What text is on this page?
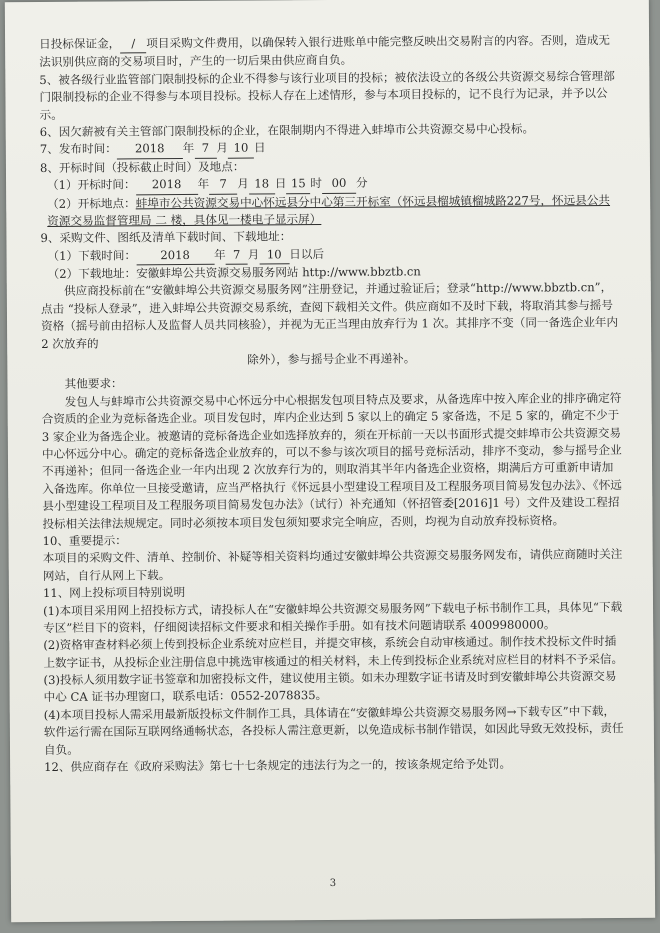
日投标保证金， / 项目采购文件费用，以确保转入银行进账单中能完整反映出交易附言的内容。否则，造成无法识别供应商的交易项目时，产生的一切后果由供应商自负。

5、被各级行业监管部门限制投标的企业不得参与该行业项目的投标；被依法设立的各级公共资源交易综合管理部门限制投标的企业不得参与本项目投标。投标人存在上述情形，参与本项目投标的，记不良行为记录，并予以公示。

6、因欠薪被有关主管部门限制投标的企业，在限制期内不得进入蚌埠市公共资源交易中心投标。

7、发布时间： 2018 年 7 月 10 日

8、开标时间（投标截止时间）及地点：

（1）开标时间： 2018 年 7 月 18 日 15 时 00 分

（2）开标地点：蚌埠市公共资源交易中心怀远县分中心第三开标室（怀远县榴城镇榴城路227号，怀远县公共资源交易监督管理局 二 楼，具体见一楼电子显示屏）

9、采购文件、图纸及清单下载时间、下载地址：

（1）下载时间： 2018 年 7 月 10 日以后

（2）下载地址：安徽蚌埠公共资源交易服务网站 http://www.bbztb.cn

供应商投标前在“安徽蚌埠公共资源交易服务网”注册登记，并通过验证后；登录“http://www.bbztb.cn”，点击 “投标人登录”，进入蚌埠公共资源交易系统，查阅下载相关文件。供应商如不及时下载，将取消其参与摇号资格（摇号前由招标人及监督人员共同核验），并视为无正当理由放弃行为 1 次。其排序不变（同一备选企业年内 2 次放弃的

除外），参与摇号企业不再递补。

其他要求：

发包人与蚌埠市公共资源交易中心怀远分中心根据发包项目特点及要求，从备选库中按入库企业的排序确定符合资质的企业为竞标备选企业。项目发包时，库内企业达到 5 家以上的确定 5 家备选，不足 5 家的，确定不少于 3 家企业为备选企业。被邀请的竞标备选企业如选择放弃的，须在开标前一天以书面形式提交蚌埠市公共资源交易中心怀远分中心。确定的竞标备选企业放弃的，可以不参与该次项目的摇号竞标活动，排序不变动，参与摇号企业不再递补；但同一备选企业一年内出现 2 次放弃行为的，则取消其半年内备选企业资格，期满后方可重新申请加入备选库。你单位一旦接受邀请，应当严格执行《怀远县小型建设工程项目及工程服务项目简易发包办法》、《怀远县小型建设工程项目及工程服务项目简易发包办法》（试行）补充通知（怀招管委[2016]1 号）文件及建设工程招投标相关法律法规规定。同时必须按本项目发包须知要求完全响应，否则，均视为自动放弃投标资格。

10、重要提示：

本项目的采购文件、清单、控制价、补疑等相关资料均通过安徽蚌埠公共资源交易服务网发布，请供应商随时关注网站，自行从网上下载。

11、网上投标项目特别说明

(1)本项目采用网上招投标方式，请投标人在“安徽蚌埠公共资源交易服务网”下载电子标书制作工具，具体见“下载专区”栏目下的资料，仔细阅读招标文件要求和相关操作手册。如有技术问题请联系 4009980000。

(2)资格审查材料必须上传到投标企业系统对应栏目，并提交审核，系统会自动审核通过。制作技术投标文件时插上数字证书，从投标企业注册信息中挑选审核通过的相关材料，未上传到投标企业系统对应栏目的材料不予采信。

(3)投标人须用数字证书签章和加密投标文件，建议使用主锁。如未办理数字证书请及时到安徽蚌埠公共资源交易中心 CA 证书办理窗口，联系电话：0552-2078835。

(4)本项目投标人需采用最新版投标文件制作工具，具体请在“安徽蚌埠公共资源交易服务网→下载专区”中下载，软件运行需在国际互联网络通畅状态，各投标人需注意更新，以免造成标书制作错误，如因此导致无效投标，责任自负。

12、供应商存在《政府采购法》第七十七条规定的违法行为之一的，按该条规定给予处罚。

3
